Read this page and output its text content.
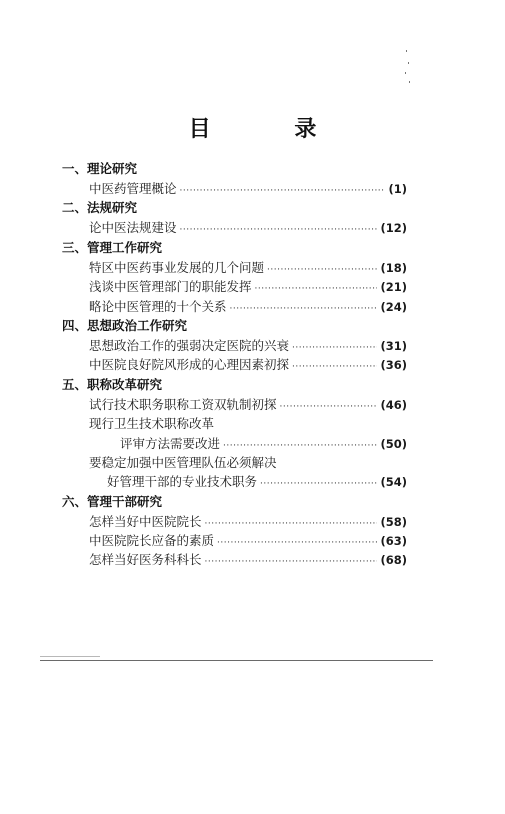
目 录
一、理论研究
中医药管理概论 ·····	(1)
二、法规研究
论中医法规建设 ·····	(12)
三、管理工作研究
特区中医药事业发展的几个问题 ·····	(18)
浅谈中医管理部门的职能发挥 ·····	(21)
略论中医管理的十个关系 ·····	(24)
四、思想政治工作研究
思想政治工作的强弱决定医院的兴衰 ·····	(31)
中医院良好院风形成的心理因素初探 ·····	(36)
五、职称改革研究
试行技术职务职称工资双轨制初探 ·····	(46)
现行卫生技术职称改革
评审方法需要改进 ·····	(50)
要稳定加强中医管理队伍必须解决
好管理干部的专业技术职务 ·····	(54)
六、管理干部研究
怎样当好中医院院长 ·····	(58)
中医院院长应备的素质 ·····	(63)
怎样当好医务科科长 ·····	(68)
